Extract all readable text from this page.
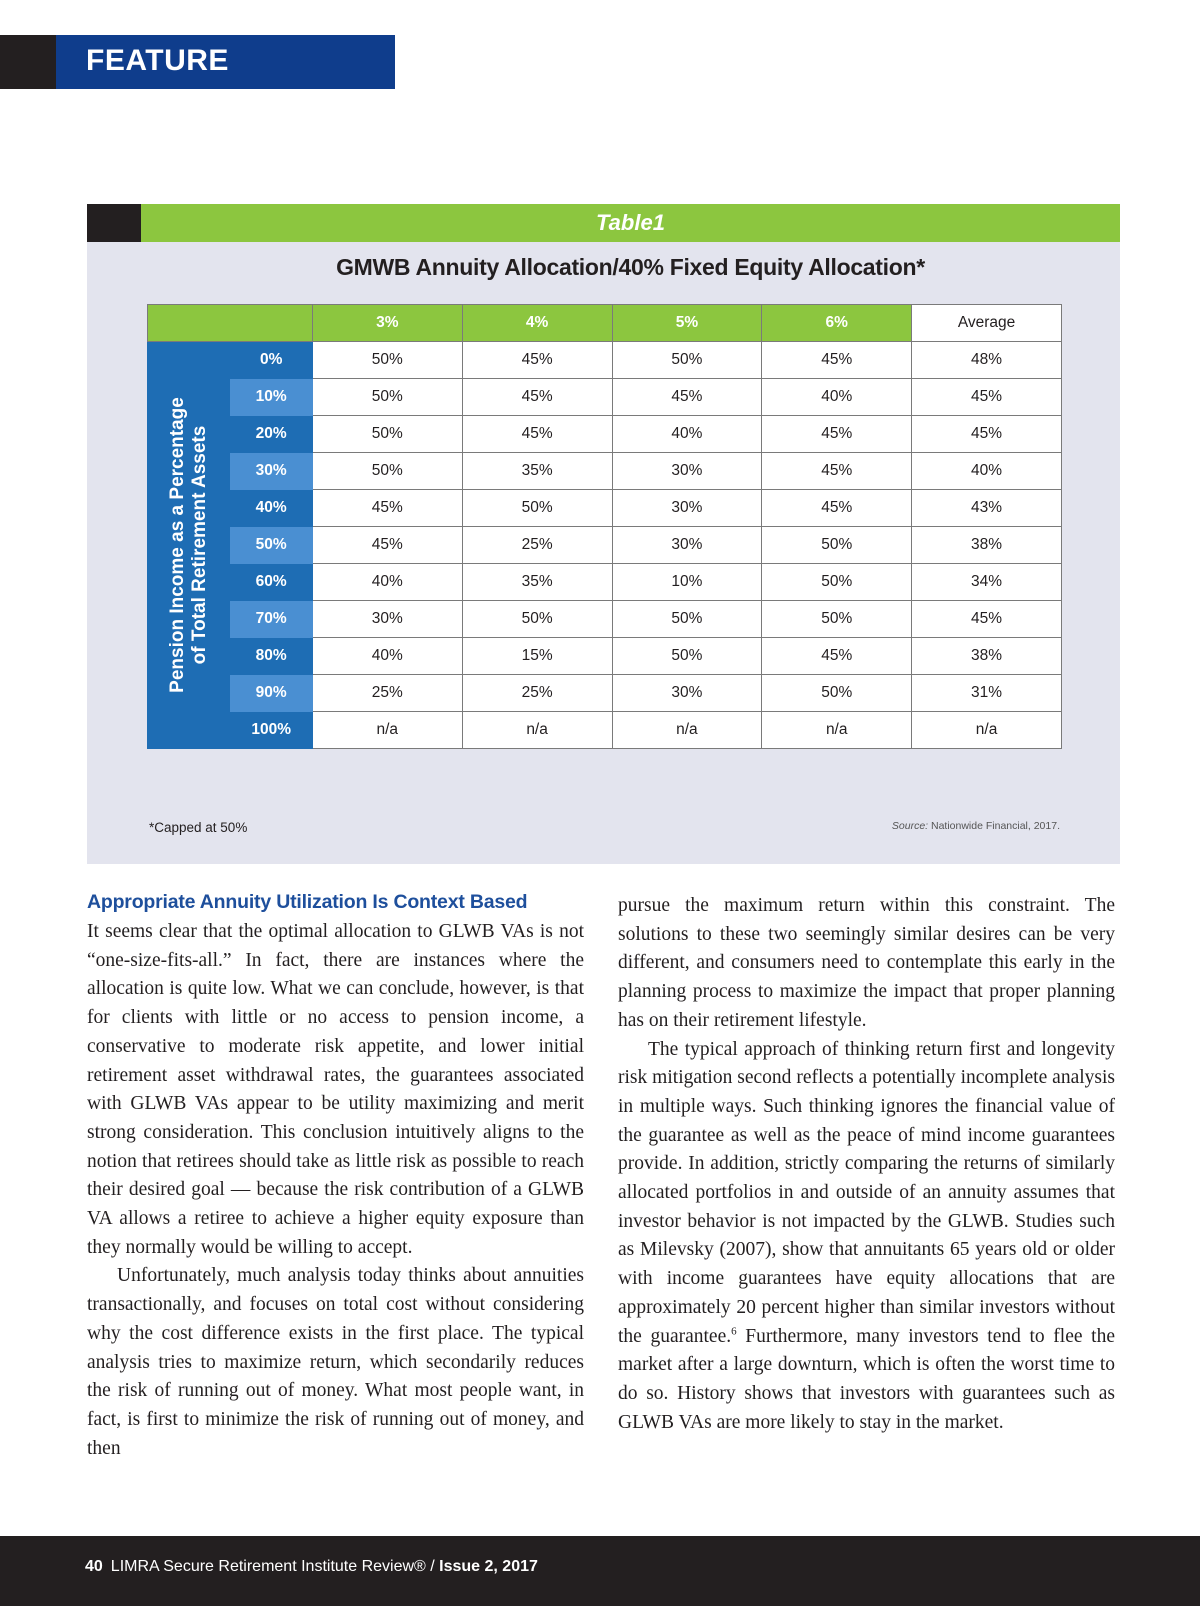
FEATURE
Table1
GMWB Annuity Allocation/40% Fixed Equity Allocation*
		3%	4%	5%	6%	Average

Pension Income as a Percentage of Total Retirement Assets	0%	50%	45%	50%	45%	48%
	10%	50%	45%	45%	40%	45%
	20%	50%	45%	40%	45%	45%
	30%	50%	35%	30%	45%	40%
	40%	45%	50%	30%	45%	43%
	50%	45%	25%	30%	50%	38%
	60%	40%	35%	10%	50%	34%
	70%	30%	50%	50%	50%	45%
	80%	40%	15%	50%	45%	38%
	90%	25%	25%	30%	50%	31%
	100%	n/a	n/a	n/a	n/a	n/a
*Capped at 50%	Source: Nationwide Financial, 2017.
Appropriate Annuity Utilization Is Context Based

It seems clear that the optimal allocation to GLWB VAs is not “one-size-fits-all.” In fact, there are instances where the allocation is quite low. What we can conclude, however, is that for clients with little or no access to pension income, a conservative to moderate risk appetite, and lower initial retirement asset withdrawal rates, the guarantees associated with GLWB VAs appear to be utility maximizing and merit strong consideration. This conclusion intuitively aligns to the notion that retirees should take as little risk as possible to reach their desired goal — because the risk contribution of a GLWB VA allows a retiree to achieve a higher equity exposure than they normally would be willing to accept.

Unfortunately, much analysis today thinks about annuities transactionally, and focuses on total cost without considering why the cost difference exists in the first place. The typical analysis tries to maximize return, which secondarily reduces the risk of running out of money. What most people want, in fact, is first to minimize the risk of running out of money, and then

pursue the maximum return within this constraint. The solutions to these two seemingly similar desires can be very different, and consumers need to contemplate this early in the planning process to maximize the impact that proper planning has on their retirement lifestyle.

The typical approach of thinking return first and longevity risk mitigation second reflects a potentially incomplete analysis in multiple ways. Such thinking ignores the financial value of the guarantee as well as the peace of mind income guarantees provide. In addition, strictly comparing the returns of similarly allocated portfolios in and outside of an annuity assumes that investor behavior is not impacted by the GLWB. Studies such as Milevsky (2007), show that annuitants 65 years old or older with income guarantees have equity allocations that are approximately 20 percent higher than similar investors without the guarantee.$^6$ Furthermore, many investors tend to flee the market after a large downturn, which is often the worst time to do so. History shows that investors with guarantees such as GLWB VAs are more likely to stay in the market.

40 LIMRA Secure Retirement Institute Review® / Issue 2, 2017
